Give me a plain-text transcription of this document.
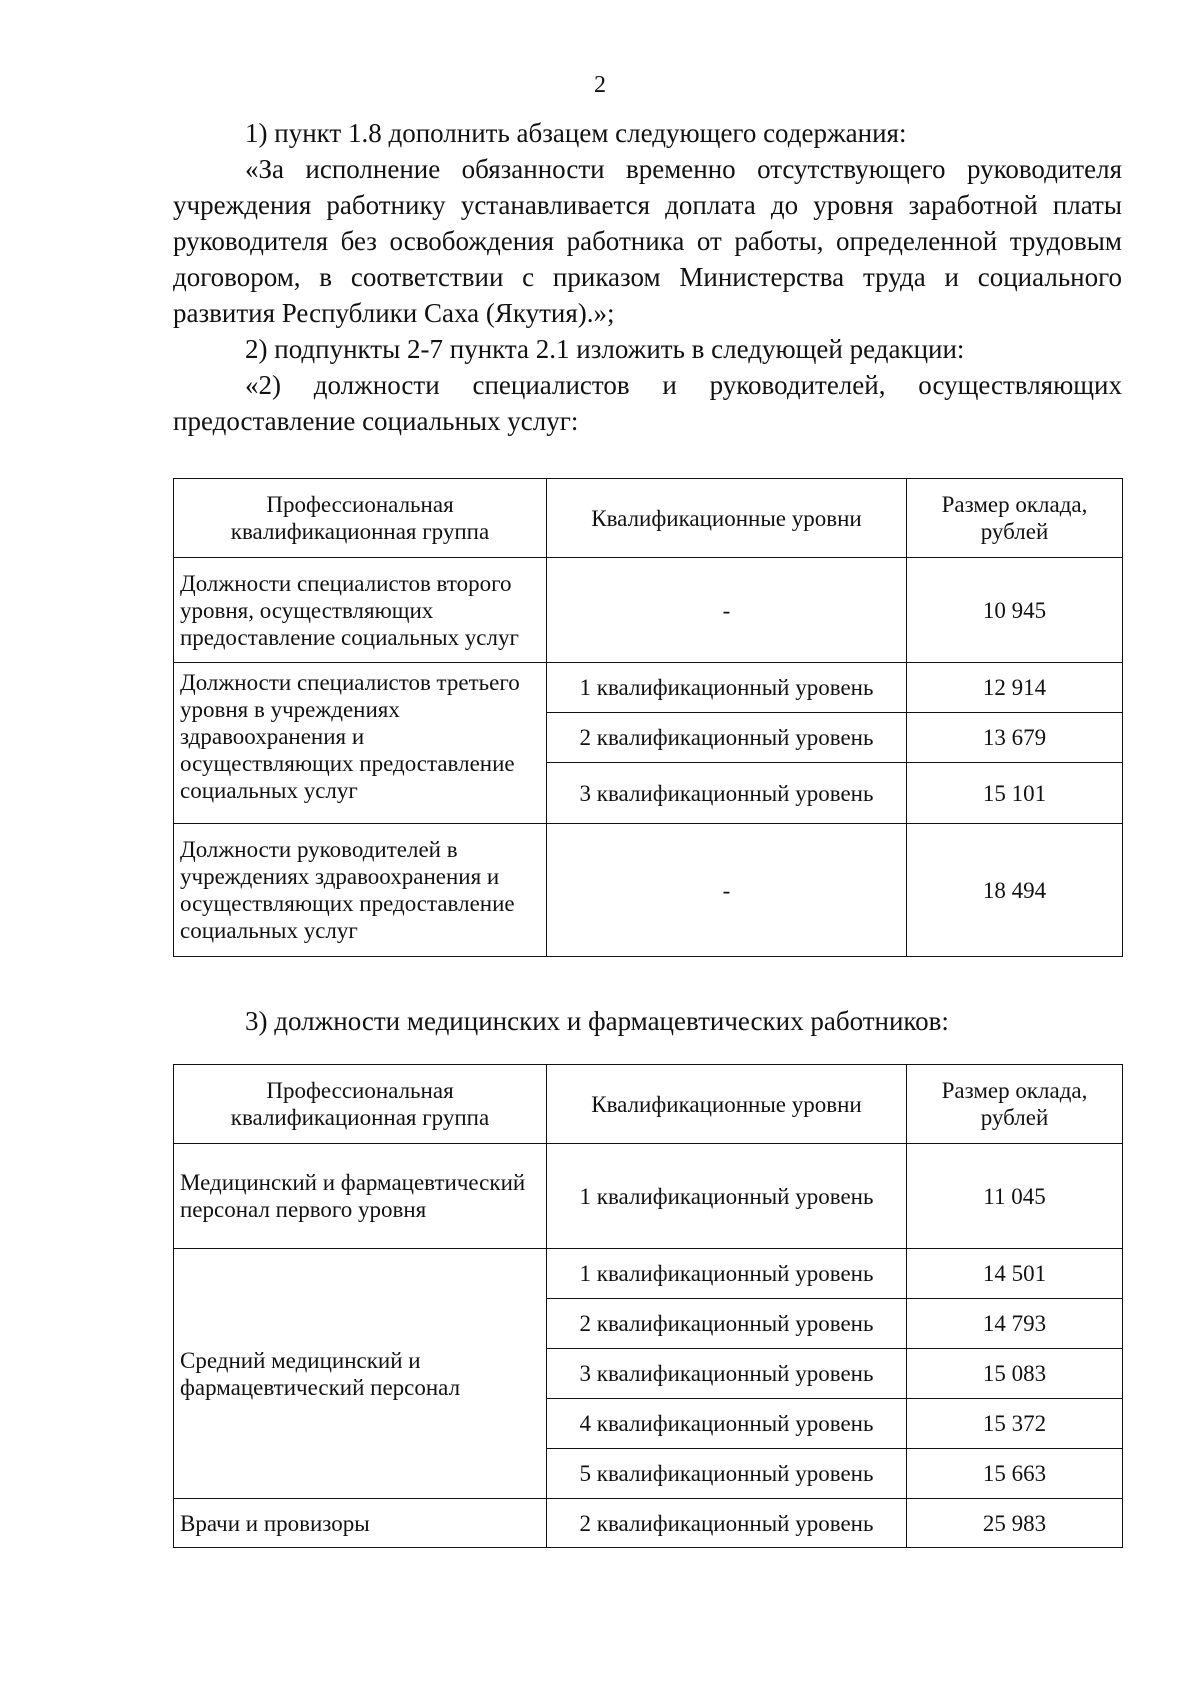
2

1) пункт 1.8 дополнить абзацем следующего содержания:

«За исполнение обязанности временно отсутствующего руководителя учреждения работнику устанавливается доплата до уровня заработной платы руководителя без освобождения работника от работы, определенной трудовым договором, в соответствии с приказом Министерства труда и социального развития Республики Саха (Якутия).»;

2) подпункты 2-7 пункта 2.1 изложить в следующей редакции:

«2) должности специалистов и руководителей, осуществляющих предоставление социальных услуг:

Профессиональная квалификационная группа	Квалификационные уровни	Размер оклада, рублей
Должности специалистов второго уровня, осуществляющих предоставление социальных услуг	-	10 945
Должности специалистов третьего уровня в учреждениях здравоохранения и осуществляющих предоставление социальных услуг	1 квалификационный уровень	12 914
	2 квалификационный уровень	13 679
	3 квалификационный уровень	15 101
Должности руководителей в учреждениях здравоохранения и осуществляющих предоставление социальных услуг	-	18 494

3) должности медицинских и фармацевтических работников:

Профессиональная квалификационная группа	Квалификационные уровни	Размер оклада, рублей
Медицинский и фармацевтический персонал первого уровня	1 квалификационный уровень	11 045
Средний медицинский и фармацевтический персонал	1 квалификационный уровень	14 501
	2 квалификационный уровень	14 793
	3 квалификационный уровень	15 083
	4 квалификационный уровень	15 372
	5 квалификационный уровень	15 663
Врачи и провизоры	2 квалификационный уровень	25 983
